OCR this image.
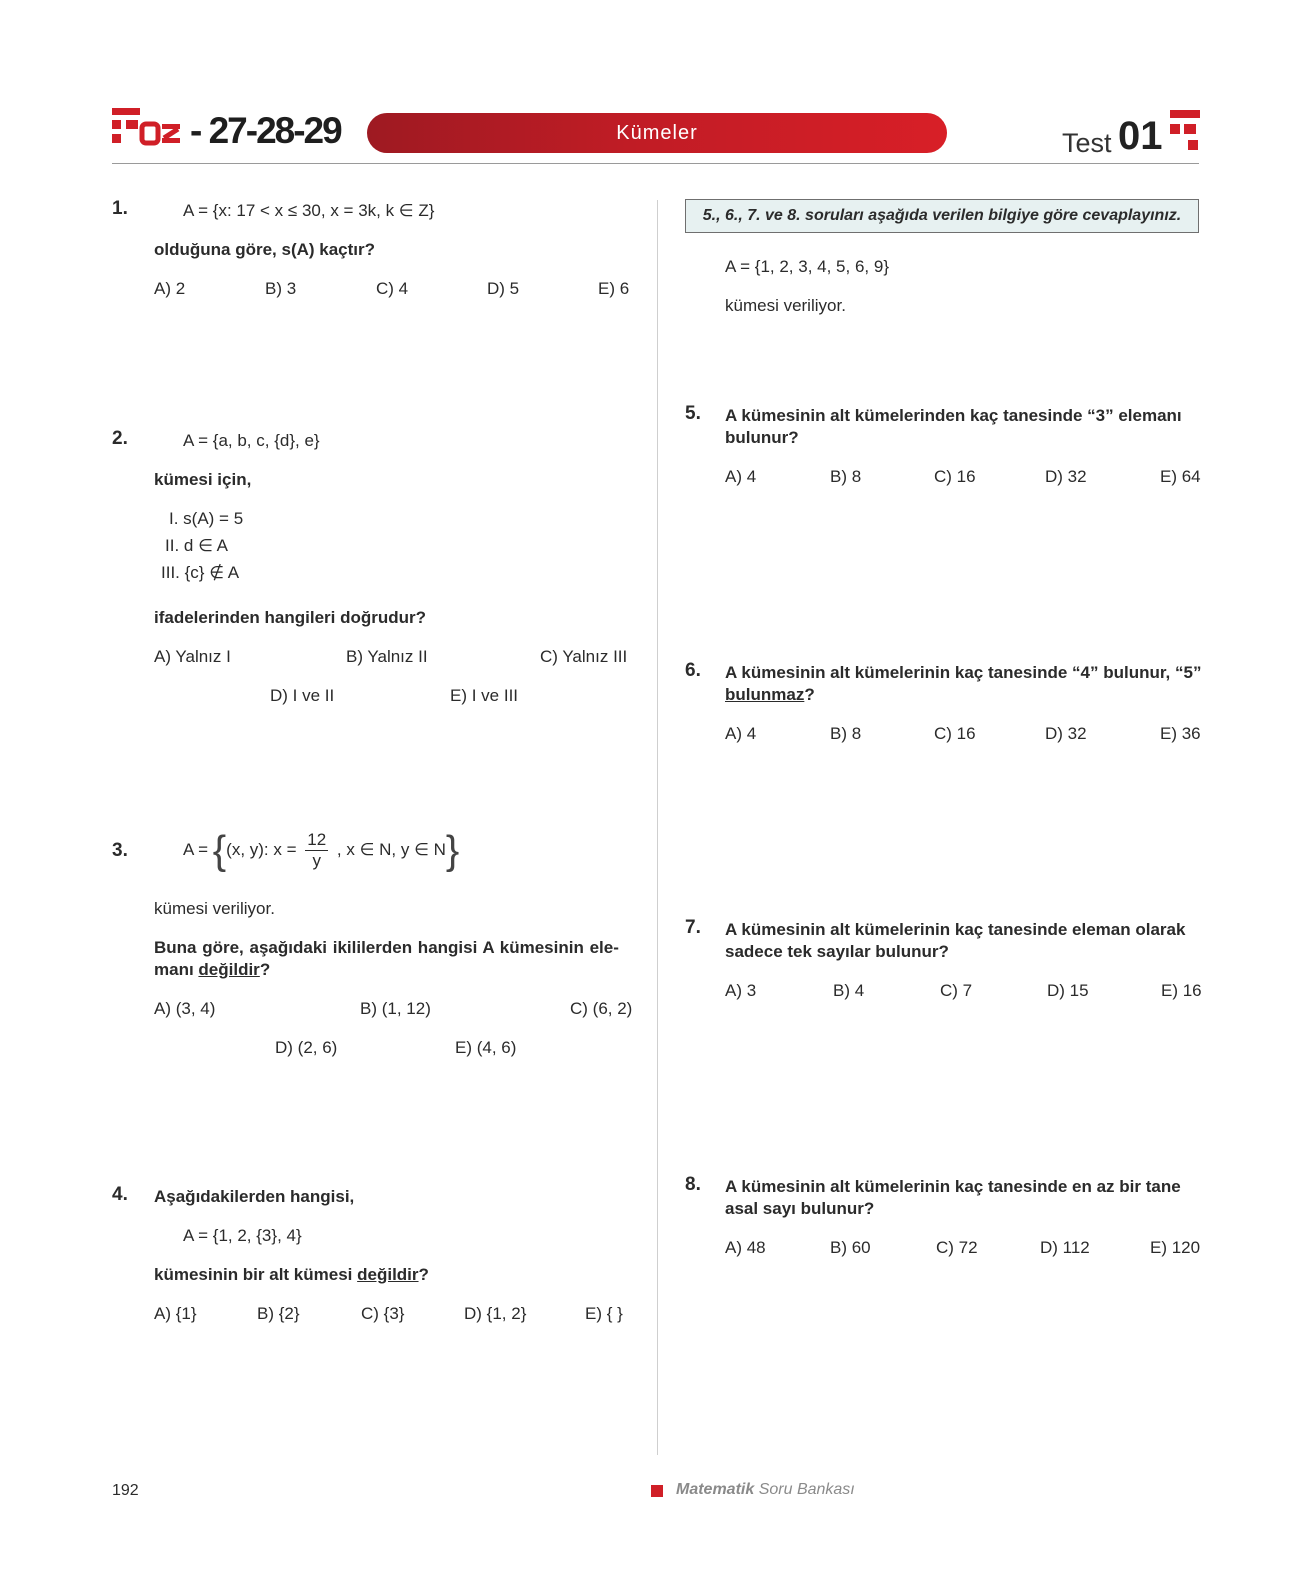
- 27-28-29	Kümeler	Test 01
1.	A = {x: 17 < x ≤ 30, x = 3k, k ∈ Z}
olduğuna göre, s(A) kaçtır?
A) 2	B) 3	C) 4	D) 5	E) 6
2.	A = {a, b, c, {d}, e}
kümesi için,
I. s(A) = 5
II. d ∈ A
III. {c} ∉ A
ifadelerinden hangileri doğrudur?
A) Yalnız I	B) Yalnız II	C) Yalnız III
D) I ve II	E) I ve III
3.	A = {(x, y): $x = \frac{12}{y}$ , x ∈ N, y ∈ N}
kümesi veriliyor.
Buna göre, aşağıdaki ikililerden hangisi A kümesinin ele-
manı değildir?
A) (3, 4)	B) (1, 12)	C) (6, 2)
D) (2, 6)	E) (4, 6)
4. Aşağıdakilerden hangisi,
A = {1, 2, {3}, 4}
kümesinin bir alt kümesi değildir?
A) {1}	B) {2}	C) {3}	D) {1, 2}	E) { }
5., 6., 7. ve 8. soruları aşağıda verilen bilgiye göre cevaplayınız.
A = {1, 2, 3, 4, 5, 6, 9}
kümesi veriliyor.
5. A kümesinin alt kümelerinden kaç tanesinde “3” elemanı
bulunur?
A) 4	B) 8	C) 16	D) 32	E) 64
6. A kümesinin alt kümelerinin kaç tanesinde “4” bulunur, “5”
bulunmaz?
A) 4	B) 8	C) 16	D) 32	E) 36
7. A kümesinin alt kümelerinin kaç tanesinde eleman olarak
sadece tek sayılar bulunur?
A) 3	B) 4	C) 7	D) 15	E) 16
8. A kümesinin alt kümelerinin kaç tanesinde en az bir tane
asal sayı bulunur?
A) 48	B) 60	C) 72	D) 112	E) 120
192	Matematik Soru Bankası
